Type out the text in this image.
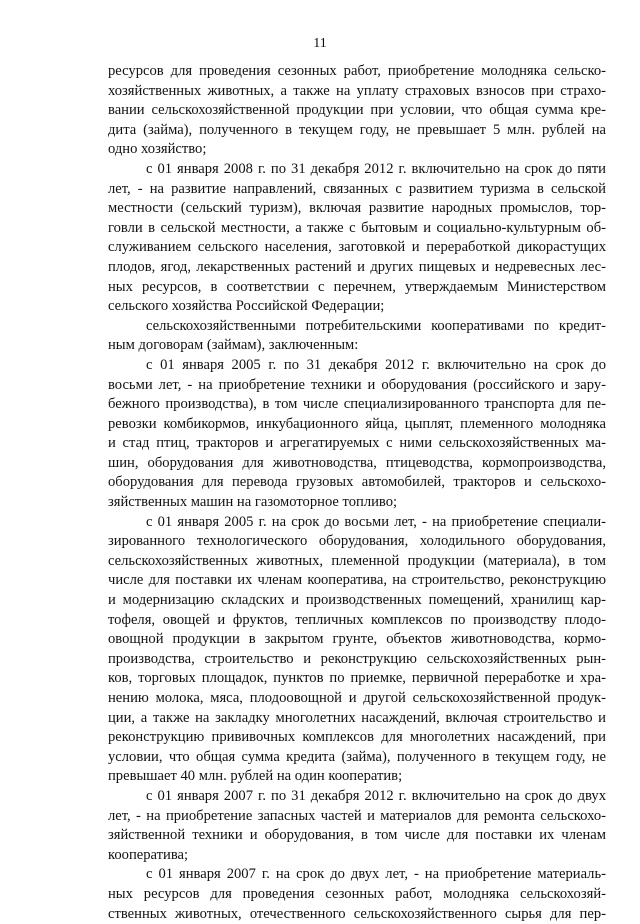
11
ресурсов для проведения сезонных работ, приобретение молодняка сельско-
хозяйственных животных, а также на уплату страховых взносов при страхо-
вании сельскохозяйственной продукции при условии, что общая сумма кре-
дита (займа), полученного в текущем году, не превышает 5 млн. рублей на
одно хозяйство;
с 01 января 2008 г. по 31 декабря 2012 г. включительно на срок до пяти
лет, - на развитие направлений, связанных с развитием туризма в сельской
местности (сельский туризм), включая развитие народных промыслов, тор-
говли в сельской местности, а также с бытовым и социально-культурным об-
служиванием сельского населения, заготовкой и переработкой дикорастущих
плодов, ягод, лекарственных растений и других пищевых и недревесных лес-
ных ресурсов, в соответствии с перечнем, утверждаемым Министерством
сельского хозяйства Российской Федерации;
сельскохозяйственными потребительскими кооперативами по кредит-
ным договорам (займам), заключенным:
с 01 января 2005 г. по 31 декабря 2012 г. включительно на срок до
восьми лет, - на приобретение техники и оборудования (российского и зару-
бежного производства), в том числе специализированного транспорта для пе-
ревозки комбикормов, инкубационного яйца, цыплят, племенного молодняка
и стад птиц, тракторов и агрегатируемых с ними сельскохозяйственных ма-
шин, оборудования для животноводства, птицеводства, кормопроизводства,
оборудования для перевода грузовых автомобилей, тракторов и сельскохо-
зяйственных машин на газомоторное топливо;
с 01 января 2005 г. на срок до восьми лет, - на приобретение специали-
зированного технологического оборудования, холодильного оборудования,
сельскохозяйственных животных, племенной продукции (материала), в том
числе для поставки их членам кооператива, на строительство, реконструкцию
и модернизацию складских и производственных помещений, хранилищ кар-
тофеля, овощей и фруктов, тепличных комплексов по производству плодо-
овощной продукции в закрытом грунте, объектов животноводства, кормо-
производства, строительство и реконструкцию сельскохозяйственных рын-
ков, торговых площадок, пунктов по приемке, первичной переработке и хра-
нению молока, мяса, плодоовощной и другой сельскохозяйственной продук-
ции, а также на закладку многолетних насаждений, включая строительство и
реконструкцию прививочных комплексов для многолетних насаждений, при
условии, что общая сумма кредита (займа), полученного в текущем году, не
превышает 40 млн. рублей на один кооператив;
с 01 января 2007 г. по 31 декабря 2012 г. включительно на срок до двух
лет, - на приобретение запасных частей и материалов для ремонта сельскохо-
зяйственной техники и оборудования, в том числе для поставки их членам
кооператива;
с 01 января 2007 г. на срок до двух лет, - на приобретение материаль-
ных ресурсов для проведения сезонных работ, молодняка сельскохозяй-
ственных животных, отечественного сельскохозяйственного сырья для пер-
